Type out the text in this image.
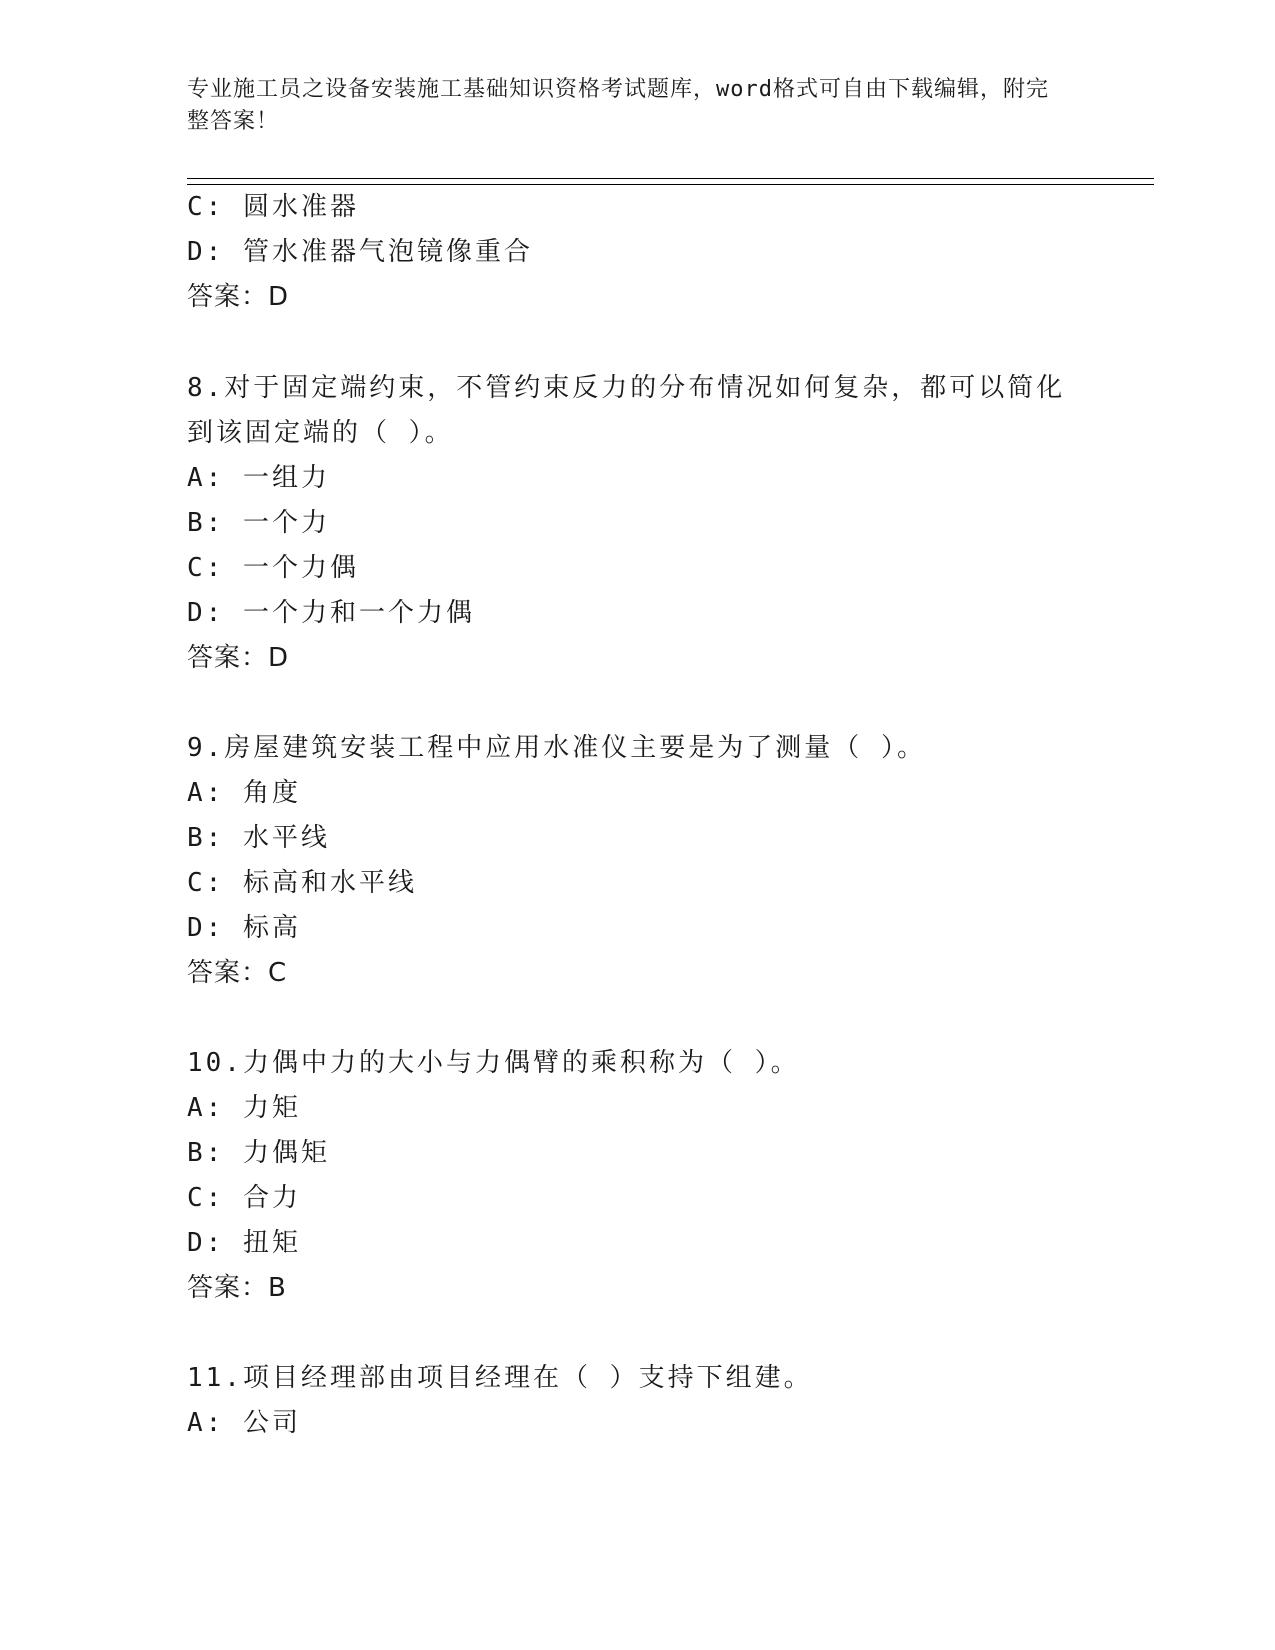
专业施工员之设备安装施工基础知识资格考试题库，word格式可自由下载编辑，附完整答案！
C: 圆水准器
D: 管水准器气泡镜像重合
答案：D
8.对于固定端约束，不管约束反力的分布情况如何复杂，都可以简化
到该固定端的（ ）。
A: 一组力
B: 一个力
C: 一个力偶
D: 一个力和一个力偶
答案：D
9.房屋建筑安装工程中应用水准仪主要是为了测量（ ）。
A: 角度
B: 水平线
C: 标高和水平线
D: 标高
答案：C
10.力偶中力的大小与力偶臂的乘积称为（ ）。
A: 力矩
B: 力偶矩
C: 合力
D: 扭矩
答案：B
11.项目经理部由项目经理在（ ）支持下组建。
A: 公司
